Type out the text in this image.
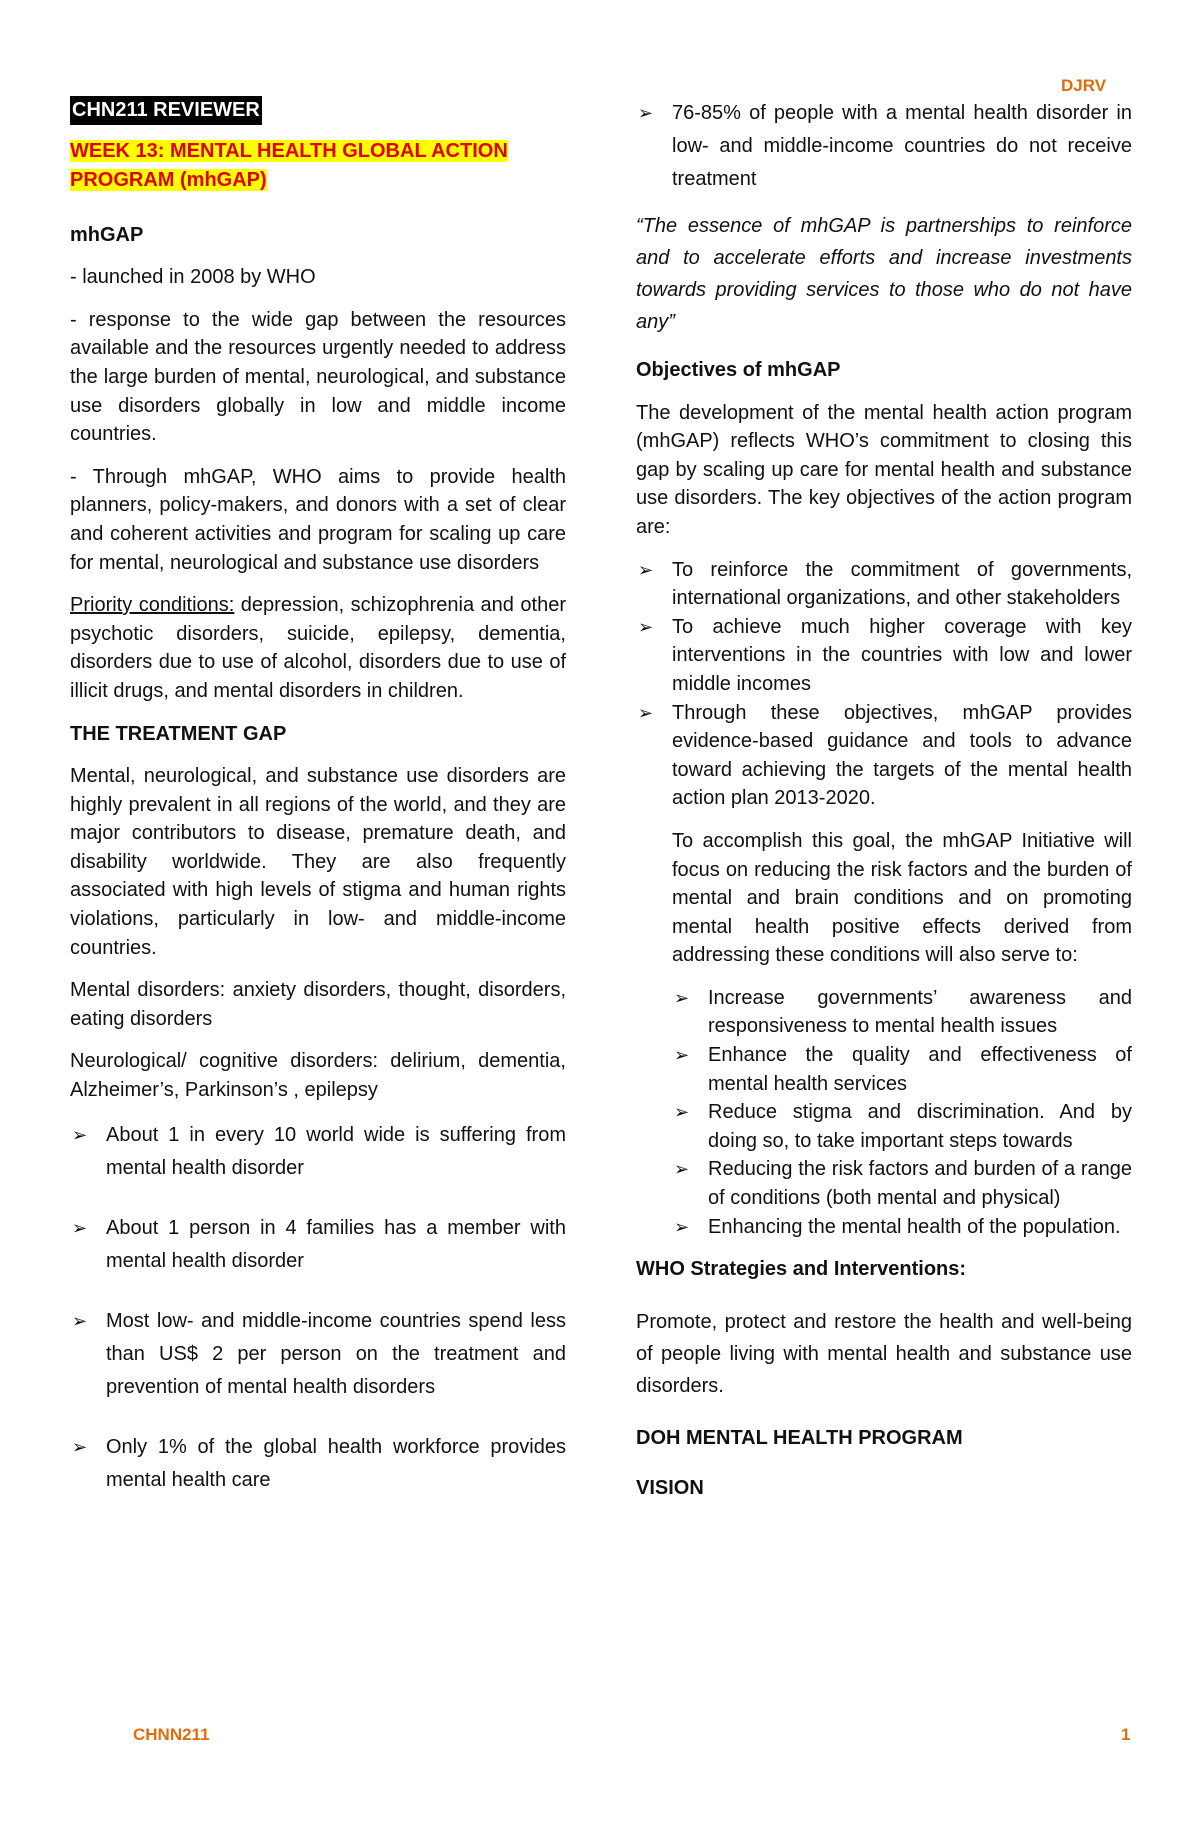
DJRV
CHN211 REVIEWER
WEEK 13: MENTAL HEALTH GLOBAL ACTION PROGRAM (mhGAP)

mhGAP

- launched in 2008 by WHO

- response to the wide gap between the resources available and the resources urgently needed to address the large burden of mental, neurological, and substance use disorders globally in low and middle income countries.

- Through mhGAP, WHO aims to provide health planners, policy-makers, and donors with a set of clear and coherent activities and program for scaling up care for mental, neurological and substance use disorders

Priority conditions: depression, schizophrenia and other psychotic disorders, suicide, epilepsy, dementia, disorders due to use of alcohol, disorders due to use of illicit drugs, and mental disorders in children.

THE TREATMENT GAP

Mental, neurological, and substance use disorders are highly prevalent in all regions of the world, and they are major contributors to disease, premature death, and disability worldwide. They are also frequently associated with high levels of stigma and human rights violations, particularly in low- and middle-income countries.

Mental disorders: anxiety disorders, thought, disorders, eating disorders

Neurological/ cognitive disorders: delirium, dementia, Alzheimer’s, Parkinson’s , epilepsy

➢ About 1 in every 10 world wide is suffering from mental health disorder
➢ About 1 person in 4 families has a member with mental health disorder
➢ Most low- and middle-income countries spend less than US$ 2 per person on the treatment and prevention of mental health disorders
➢ Only 1% of the global health workforce provides mental health care
➢ 76-85% of people with a mental health disorder in low- and middle-income countries do not receive treatment

“The essence of mhGAP is partnerships to reinforce and to accelerate efforts and increase investments towards providing services to those who do not have any”

Objectives of mhGAP

The development of the mental health action program (mhGAP) reflects WHO’s commitment to closing this gap by scaling up care for mental health and substance use disorders. The key objectives of the action program are:

➢ To reinforce the commitment of governments, international organizations, and other stakeholders
➢ To achieve much higher coverage with key interventions in the countries with low and lower middle incomes
➢ Through these objectives, mhGAP provides evidence-based guidance and tools to advance toward achieving the targets of the mental health action plan 2013-2020.

To accomplish this goal, the mhGAP Initiative will focus on reducing the risk factors and the burden of mental and brain conditions and on promoting mental health positive effects derived from addressing these conditions will also serve to:

➢ Increase governments’ awareness and responsiveness to mental health issues
➢ Enhance the quality and effectiveness of mental health services
➢ Reduce stigma and discrimination. And by doing so, to take important steps towards
➢ Reducing the risk factors and burden of a range of conditions (both mental and physical)
➢ Enhancing the mental health of the population.

WHO Strategies and Interventions:

Promote, protect and restore the health and well-being of people living with mental health and substance use disorders.

DOH MENTAL HEALTH PROGRAM

VISION

CHNN211	1
